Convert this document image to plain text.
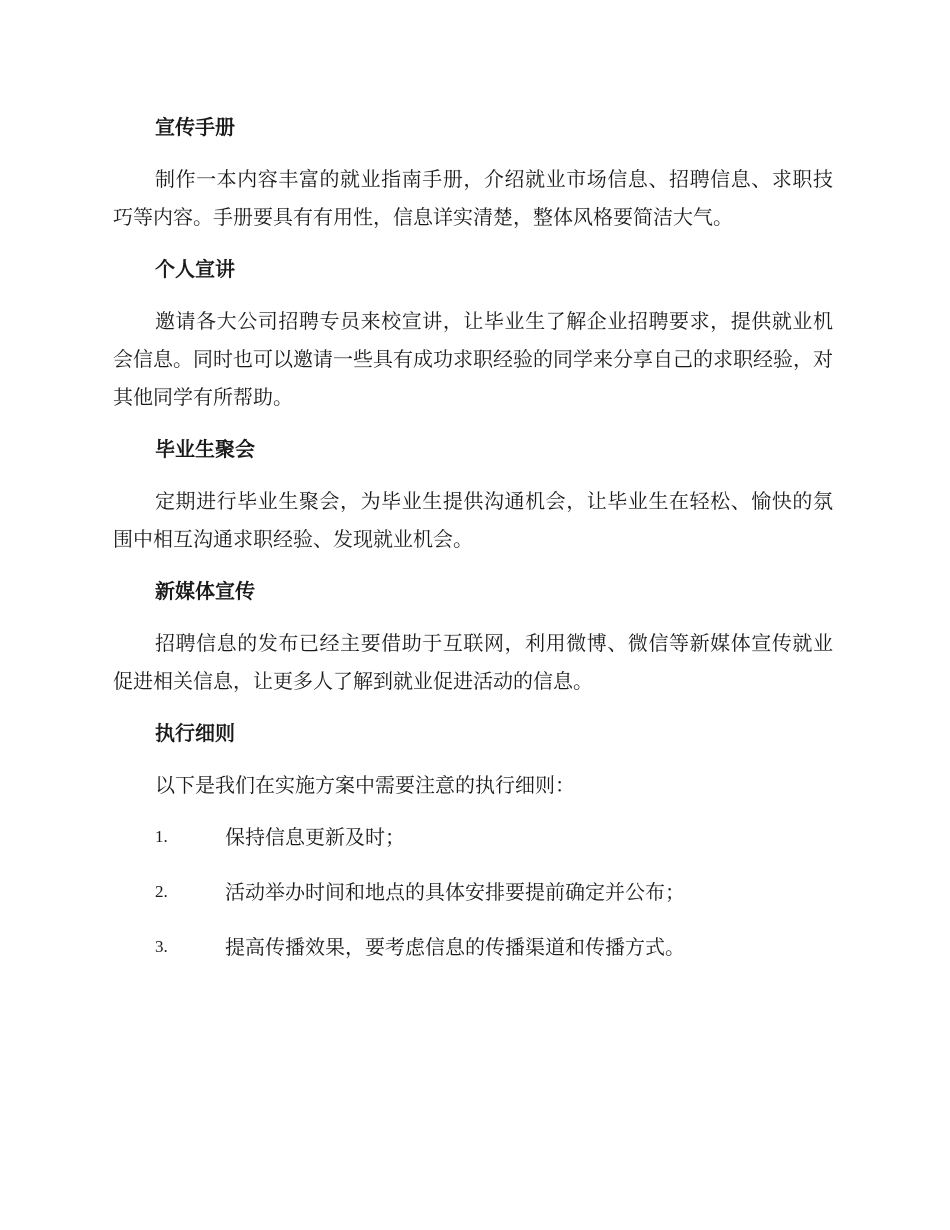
宣传手册

制作一本内容丰富的就业指南手册，介绍就业市场信息、招聘信息、求职技巧等内容。手册要具有有用性，信息详实清楚，整体风格要简洁大气。

个人宣讲

邀请各大公司招聘专员来校宣讲，让毕业生了解企业招聘要求，提供就业机会信息。同时也可以邀请一些具有成功求职经验的同学来分享自己的求职经验，对其他同学有所帮助。

毕业生聚会

定期进行毕业生聚会，为毕业生提供沟通机会，让毕业生在轻松、愉快的氛围中相互沟通求职经验、发现就业机会。

新媒体宣传

招聘信息的发布已经主要借助于互联网，利用微博、微信等新媒体宣传就业促进相关信息，让更多人了解到就业促进活动的信息。

执行细则

以下是我们在实施方案中需要注意的执行细则：

1.	保持信息更新及时；
2.	活动举办时间和地点的具体安排要提前确定并公布；
3.	提高传播效果，要考虑信息的传播渠道和传播方式。
